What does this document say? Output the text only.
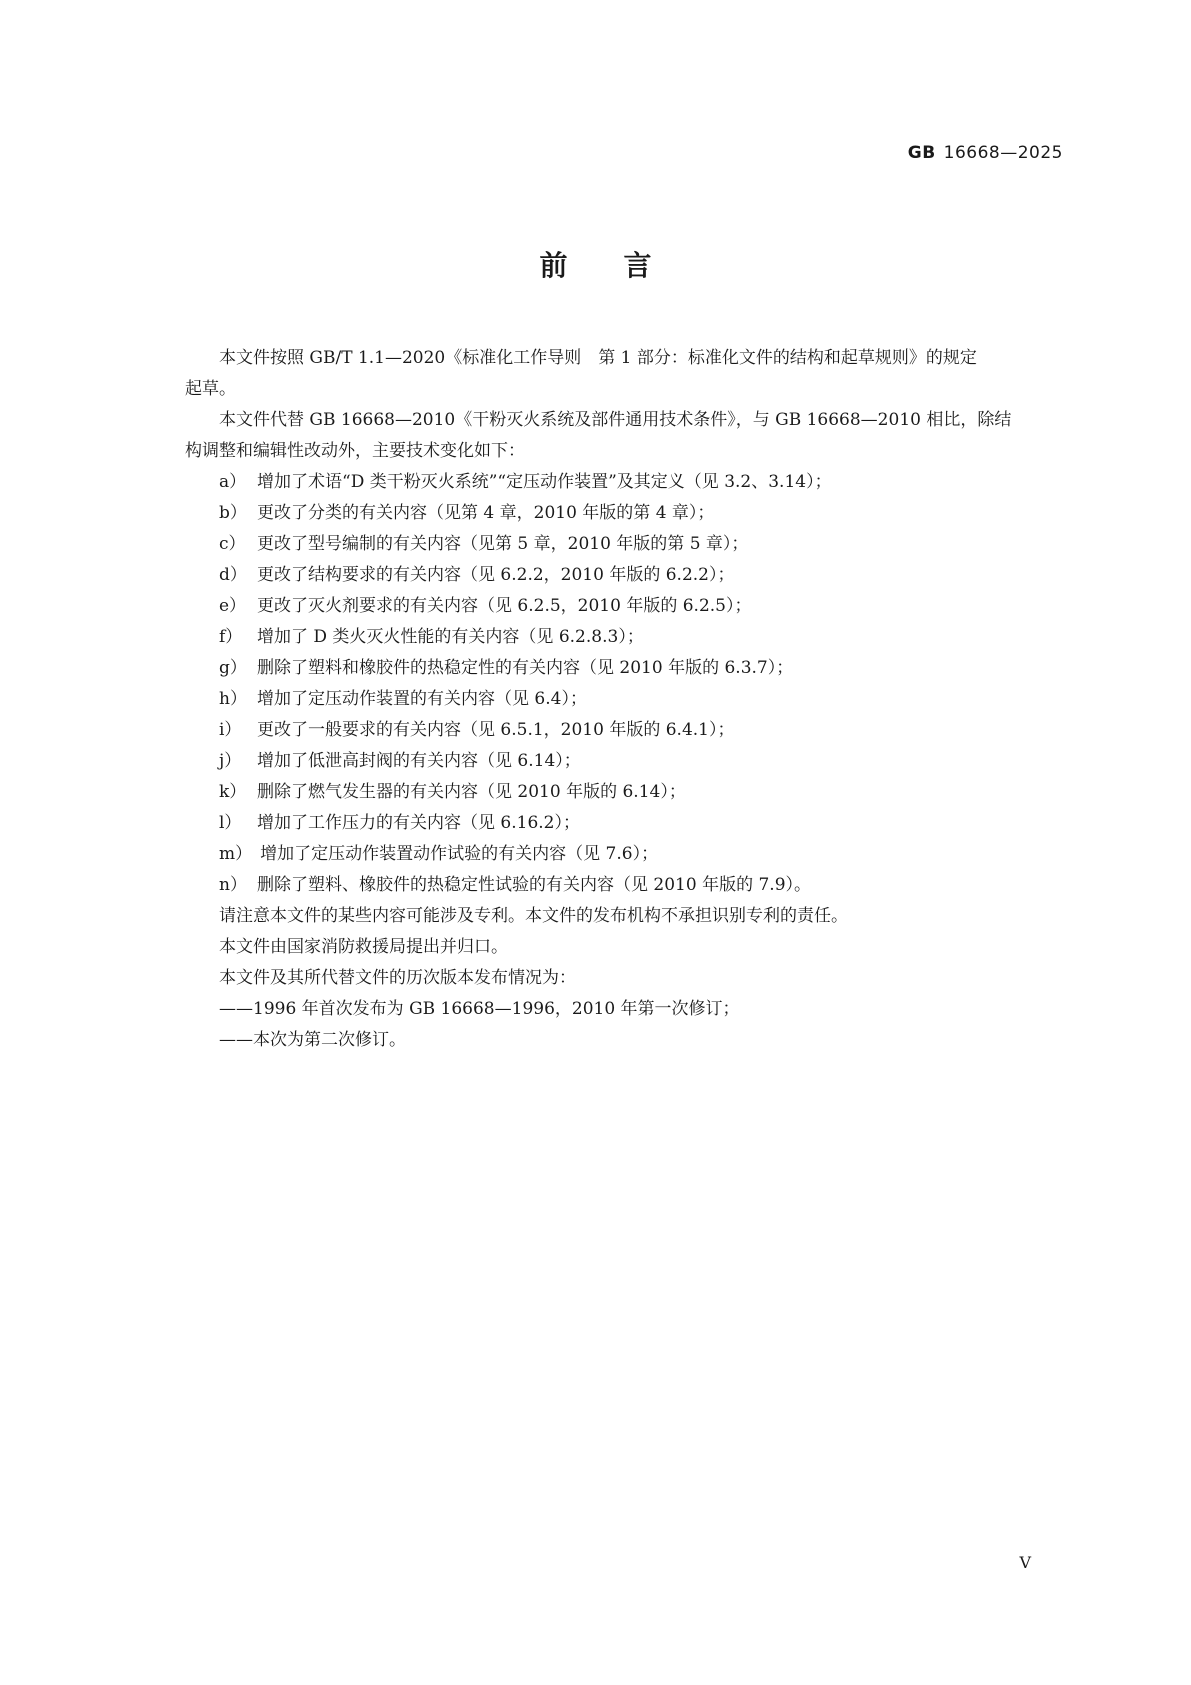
GB 16668—2025
前言

本文件按照 GB/T 1.1—2020《标准化工作导则　第 1 部分：标准化文件的结构和起草规则》的规定

起草。

本文件代替 GB 16668—2010《干粉灭火系统及部件通用技术条件》，与 GB 16668—2010 相比，除结

构调整和编辑性改动外，主要技术变化如下：

a） 增加了术语“D 类干粉灭火系统”“定压动作装置”及其定义（见 3.2、3.14）；

b） 更改了分类的有关内容（见第 4 章，2010 年版的第 4 章）；

c） 更改了型号编制的有关内容（见第 5 章，2010 年版的第 5 章）；

d） 更改了结构要求的有关内容（见 6.2.2，2010 年版的 6.2.2）；

e） 更改了灭火剂要求的有关内容（见 6.2.5，2010 年版的 6.2.5）；

f） 增加了 D 类火灭火性能的有关内容（见 6.2.8.3）；

g） 删除了塑料和橡胶件的热稳定性的有关内容（见 2010 年版的 6.3.7）；

h） 增加了定压动作装置的有关内容（见 6.4）；

i） 更改了一般要求的有关内容（见 6.5.1，2010 年版的 6.4.1）；

j） 增加了低泄高封阀的有关内容（见 6.14）；

k） 删除了燃气发生器的有关内容（见 2010 年版的 6.14）；

l） 增加了工作压力的有关内容（见 6.16.2）；

m） 增加了定压动作装置动作试验的有关内容（见 7.6）；

n） 删除了塑料、橡胶件的热稳定性试验的有关内容（见 2010 年版的 7.9）。

请注意本文件的某些内容可能涉及专利。本文件的发布机构不承担识别专利的责任。

本文件由国家消防救援局提出并归口。

本文件及其所代替文件的历次版本发布情况为：

——1996 年首次发布为 GB 16668—1996，2010 年第一次修订；

——本次为第二次修订。

V
